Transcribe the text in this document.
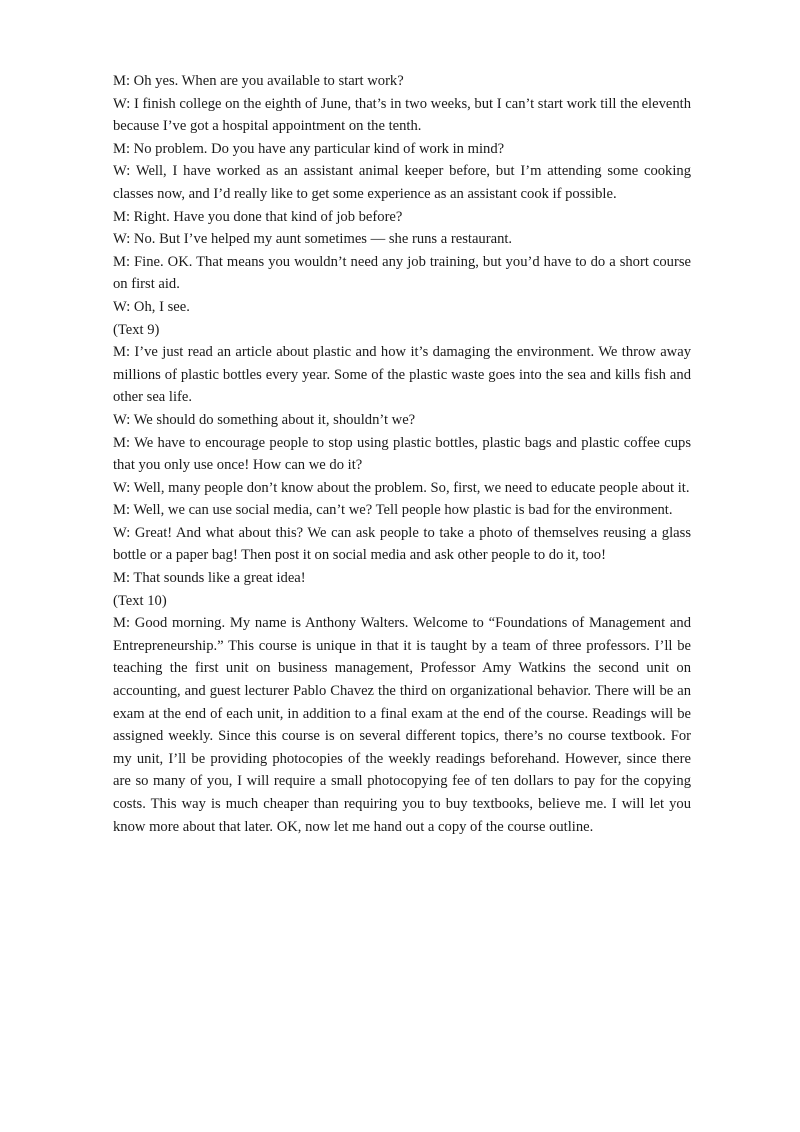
M: Oh yes. When are you available to start work?

W: I finish college on the eighth of June, that’s in two weeks, but I can’t start work till the eleventh because I’ve got a hospital appointment on the tenth.

M: No problem. Do you have any particular kind of work in mind?

W: Well, I have worked as an assistant animal keeper before, but I’m attending some cooking classes now, and I’d really like to get some experience as an assistant cook if possible.

M: Right. Have you done that kind of job before?

W: No. But I’ve helped my aunt sometimes — she runs a restaurant.

M: Fine. OK. That means you wouldn’t need any job training, but you’d have to do a short course on first aid.

W: Oh, I see.

(Text 9)

M: I’ve just read an article about plastic and how it’s damaging the environment. We throw away millions of plastic bottles every year. Some of the plastic waste goes into the sea and kills fish and other sea life.

W: We should do something about it, shouldn’t we?

M: We have to encourage people to stop using plastic bottles, plastic bags and plastic coffee cups that you only use once! How can we do it?

W: Well, many people don’t know about the problem. So, first, we need to educate people about it.

M: Well, we can use social media, can’t we? Tell people how plastic is bad for the environment.

W: Great! And what about this? We can ask people to take a photo of themselves reusing a glass bottle or a paper bag! Then post it on social media and ask other people to do it, too!

M: That sounds like a great idea!

(Text 10)

M: Good morning. My name is Anthony Walters. Welcome to “Foundations of Management and Entrepreneurship.” This course is unique in that it is taught by a team of three professors. I’ll be teaching the first unit on business management, Professor Amy Watkins the second unit on accounting, and guest lecturer Pablo Chavez the third on organizational behavior. There will be an exam at the end of each unit, in addition to a final exam at the end of the course. Readings will be assigned weekly. Since this course is on several different topics, there’s no course textbook. For my unit, I’ll be providing photocopies of the weekly readings beforehand. However, since there are so many of you, I will require a small photocopying fee of ten dollars to pay for the copying costs. This way is much cheaper than requiring you to buy textbooks, believe me. I will let you know more about that later. OK, now let me hand out a copy of the course outline.
